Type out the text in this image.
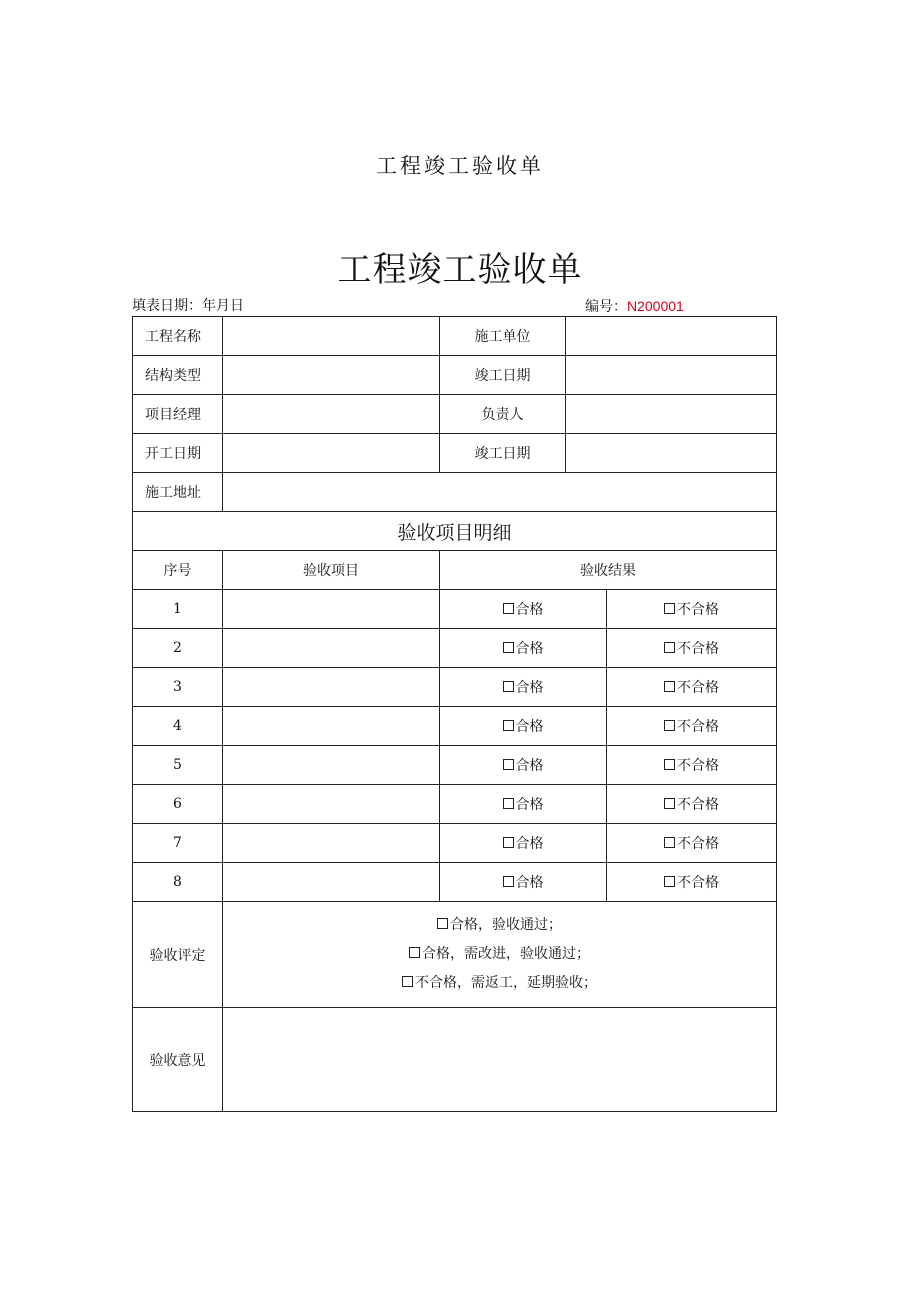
工程竣工验收单
工程竣工验收单
填表日期：年月日	编号：N200001
工程名称		施工单位		
结构类型		竣工日期		
项目经理		负责人		
开工日期		竣工日期		
施工地址				
验收项目明细				
序号	验收项目	验收结果		
1		合格		不合格
2		合格		不合格
3		合格		不合格
4		合格		不合格
5		合格		不合格
6		合格		不合格
7		合格		不合格
8		合格		不合格
验收评定	合格，验收通过；
合格，需改进，验收通过；
不合格，需返工，延期验收；			

验收意见				
